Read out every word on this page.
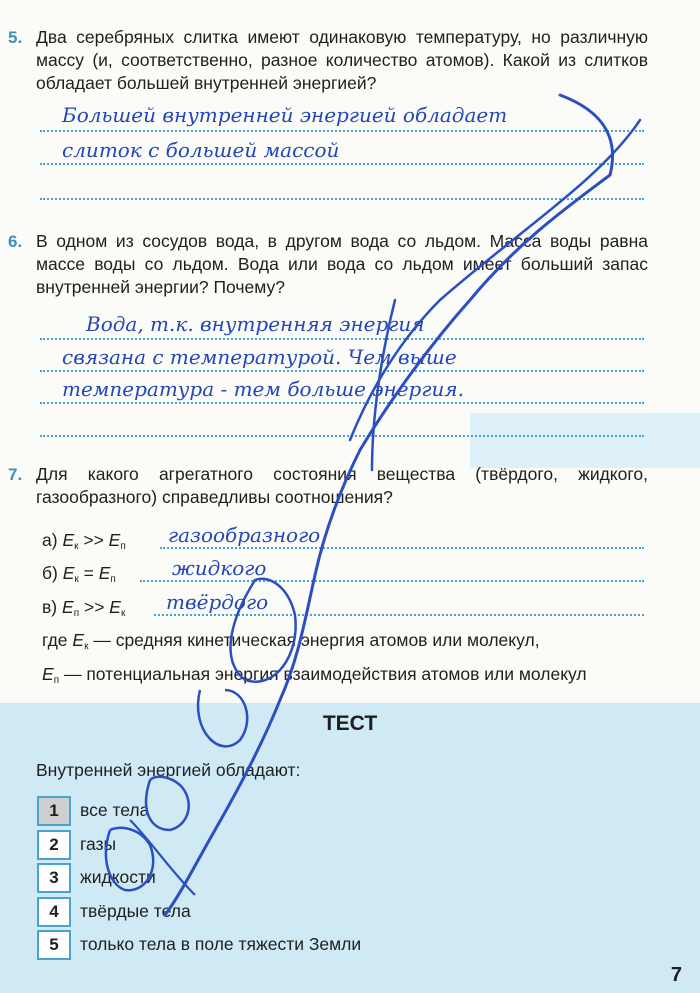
5. Два серебряных слитка имеют одинаковую температуру, но различную массу (и, соответственно, разное количество атомов). Какой из слитков обладает большей внутренней энергией?
Большей внутренней энергией обладает
слиток с большей массой
6. В одном из сосудов вода, в другом вода со льдом. Масса воды равна массе воды со льдом. Вода или вода со льдом имеет больший запас внутренней энергии? Почему?
Вода, т.к. внутренняя энергия
связана с температурой. Чем выше
температура - тем больше энергия.
7. Для какого агрегатного состояния вещества (твёрдого, жидкого, газообразного) справедливы соотношения?
а) $E_к >> E_п$ газообразного
б) $E_к = E_п$	жидкого
в) $E_п >> E_к$ твёрдого
где $E_к$ — средняя кинетическая энергия атомов или молекул,
$E_п$ — потенциальная энергия взаимодействия атомов или молекул
ТЕСТ
Внутренней энергией обладают:
1	все тела
2	газы
3	жидкости
4	твёрдые тела
5	только тела в поле тяжести Земли
7
